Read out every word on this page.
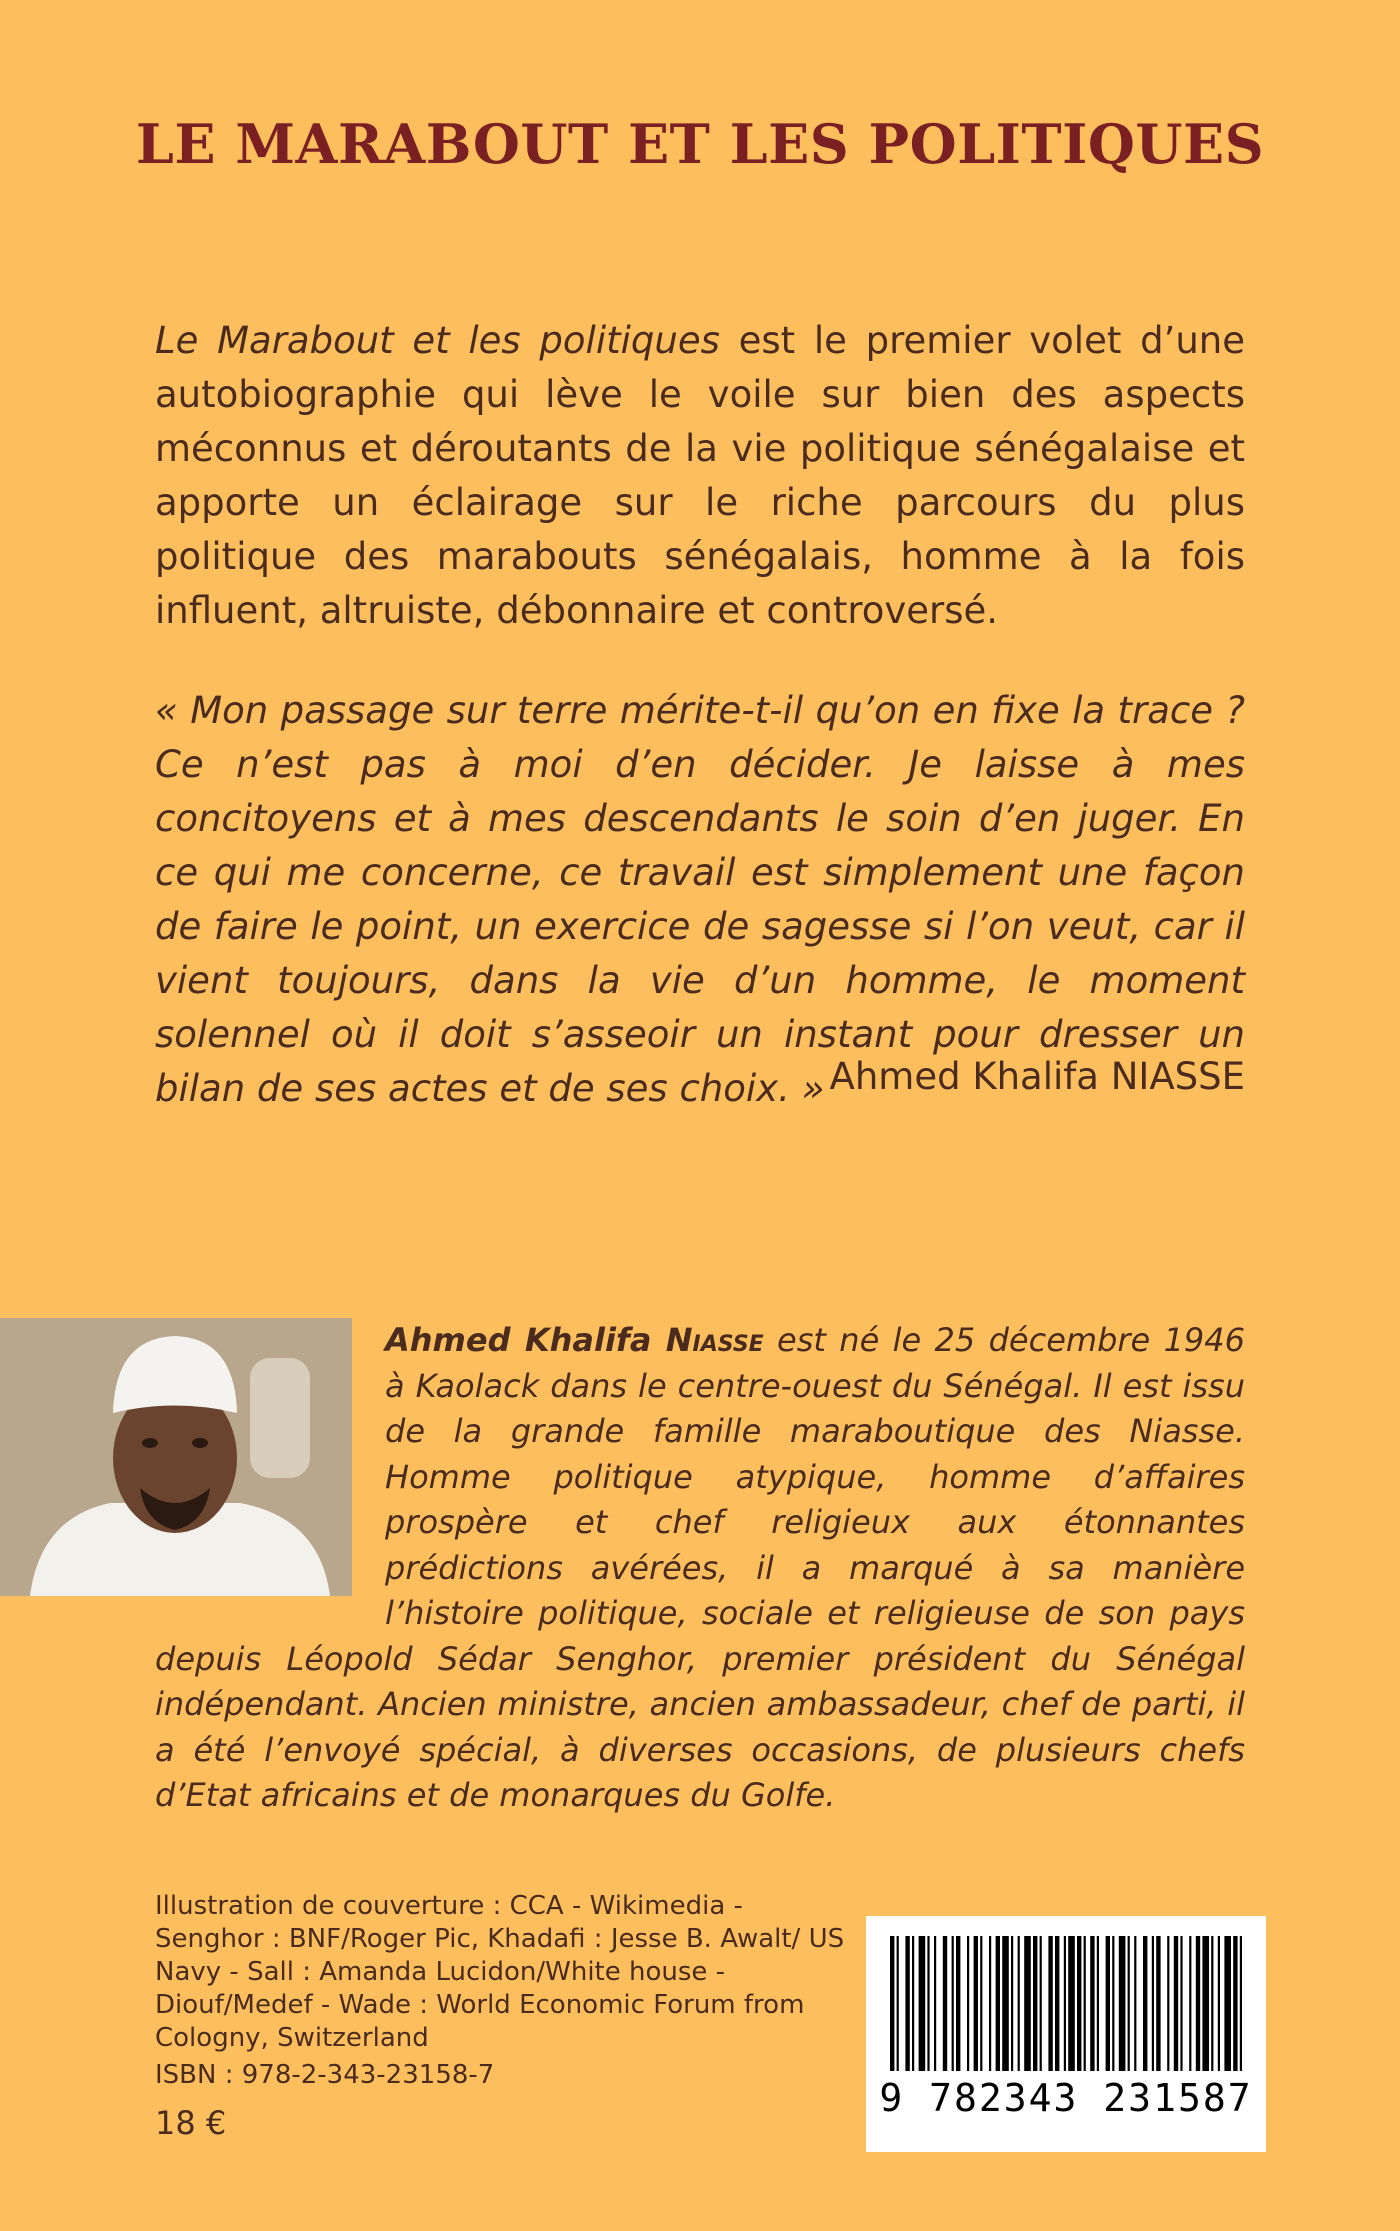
LE MARABOUT ET LES POLITIQUES

Le Marabout et les politiques est le premier volet d’une autobiographie qui lève le voile sur bien des aspects méconnus et déroutants de la vie politique sénégalaise et apporte un éclairage sur le riche parcours du plus politique des marabouts sénégalais, homme à la fois influent, altruiste, débonnaire et controversé.

« Mon passage sur terre mérite-t-il qu’on en fixe la trace ? Ce n’est pas à moi d’en décider. Je laisse à mes concitoyens et à mes descendants le soin d’en juger. En ce qui me concerne, ce travail est simplement une façon de faire le point, un exercice de sagesse si l’on veut, car il vient toujours, dans la vie d’un homme, le moment solennel où il doit s’asseoir un instant pour dresser un bilan de ses actes et de ses choix. » Ahmed Khalifa NIASSE

Ahmed Khalifa Niasse est né le 25 décembre 1946 à Kaolack dans le centre-ouest du Sénégal. Il est issu de la grande famille maraboutique des Niasse. Homme politique atypique, homme d’affaires prospère et chef religieux aux étonnantes prédictions avérées, il a marqué à sa manière l’histoire politique, sociale et religieuse de son pays depuis Léopold Sédar Senghor, premier président du Sénégal indépendant. Ancien ministre, ancien ambassadeur, chef de parti, il a été l’envoyé spécial, à diverses occasions, de plusieurs chefs d’Etat africains et de monarques du Golfe.

Illustration de couverture : CCA - Wikimedia - Senghor : BNF/Roger Pic, Khadafi : Jesse B. Awalt/ US Navy - Sall : Amanda Lucidon/White house - Diouf/Medef - Wade : World Economic Forum from Cologny, Switzerland

ISBN : 978-2-343-23158-7
18 €
9 782343 231587
